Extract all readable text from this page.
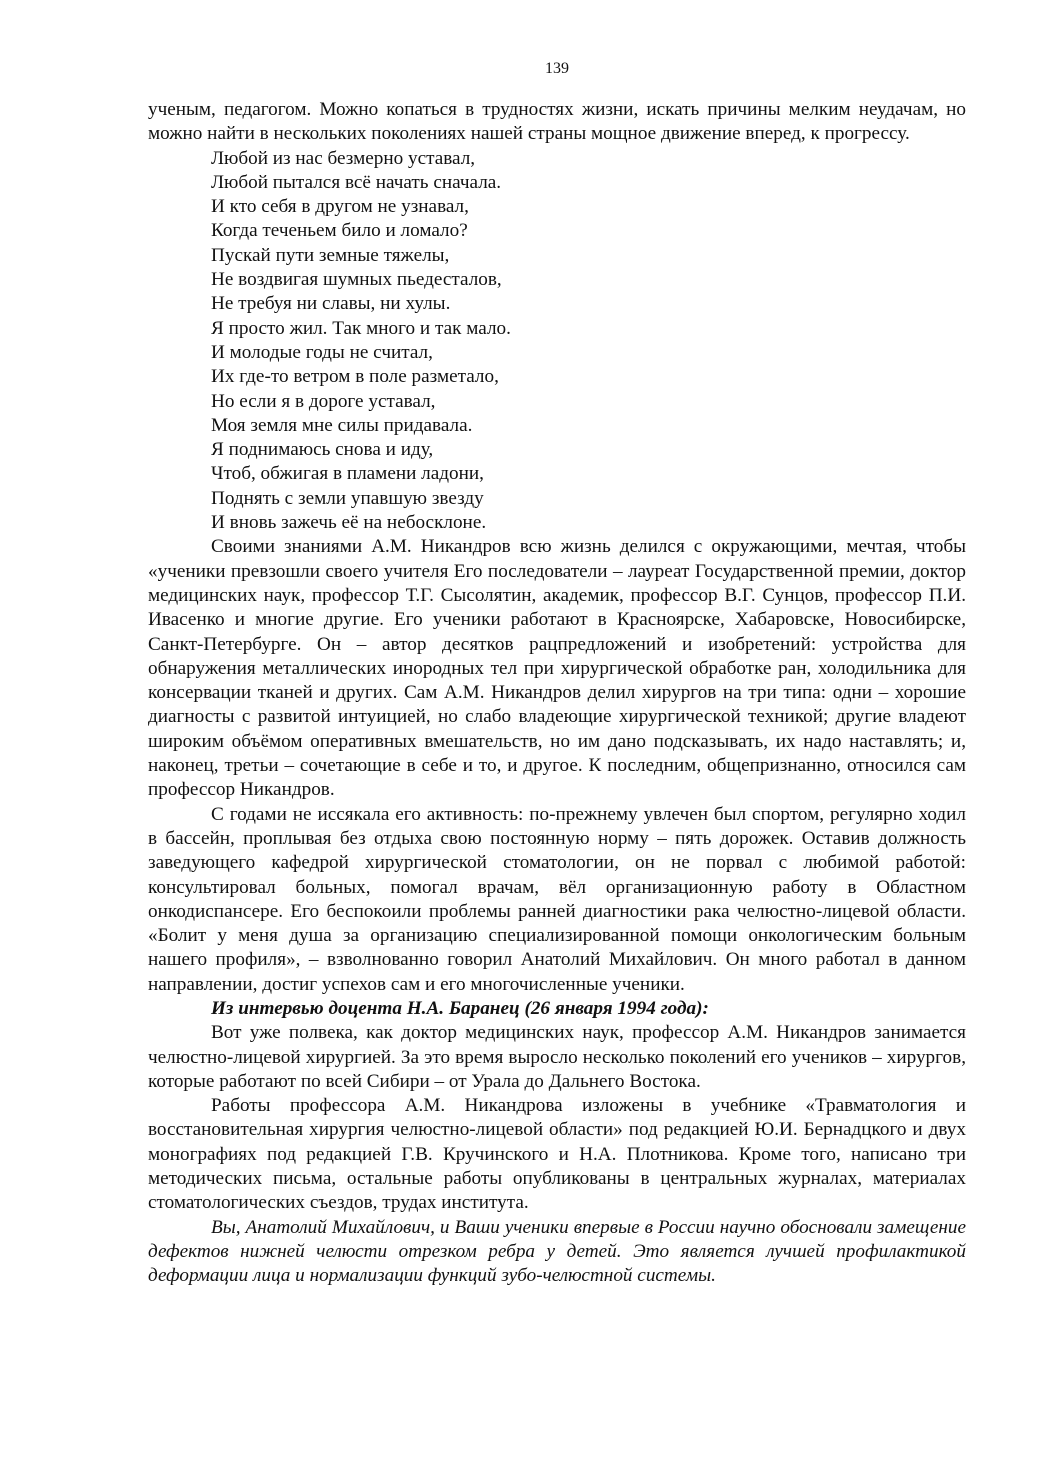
139

ученым, педагогом. Можно копаться в трудностях жизни, искать причины мелким неудачам, но можно найти в нескольких поколениях нашей страны мощное движение вперед, к прогрессу.

Любой из нас безмерно уставал,
Любой пытался всё начать сначала.
И кто себя в другом не узнавал,
Когда теченьем било и ломало?
Пускай пути земные тяжелы,
Не воздвигая шумных пьедесталов,
Не требуя ни славы, ни хулы.
Я просто жил. Так много и так мало.
И молодые годы не считал,
Их где-то ветром в поле разметало,
Но если я в дороге уставал,
Моя земля мне силы придавала.
Я поднимаюсь снова и иду,
Чтоб, обжигая в пламени ладони,
Поднять с земли упавшую звезду
И вновь зажечь её на небосклоне.

Своими знаниями А.М. Никандров всю жизнь делился с окружающими, мечтая, чтобы «ученики превзошли своего учителя Его последователи – лауреат Государственной премии, доктор медицинских наук, профессор Т.Г. Сысолятин, академик, профессор В.Г. Сунцов, профессор П.И. Ивасенко и многие другие. Его ученики работают в Красноярске, Хабаровске, Новосибирске, Санкт-Петербурге. Он – автор десятков рацпредложений и изобретений: устройства для обнаружения металлических инородных тел при хирургической обработке ран, холодильника для консервации тканей и других. Сам А.М. Никандров делил хирургов на три типа: одни – хорошие диагносты с развитой интуицией, но слабо владеющие хирургической техникой; другие владеют широким объёмом оперативных вмешательств, но им дано подсказывать, их надо наставлять; и, наконец, третьи – сочетающие в себе и то, и другое. К последним, общепризнанно, относился сам профессор Никандров.

С годами не иссякала его активность: по-прежнему увлечен был спортом, регулярно ходил в бассейн, проплывая без отдыха свою постоянную норму – пять дорожек. Оставив должность заведующего кафедрой хирургической стоматологии, он не порвал с любимой работой: консультировал больных, помогал врачам, вёл организационную работу в Областном онкодиспансере. Его беспокоили проблемы ранней диагностики рака челюстно-лицевой области. «Болит у меня душа за организацию специализированной помощи онкологическим больным нашего профиля», – взволнованно говорил Анатолий Михайлович. Он много работал в данном направлении, достиг успехов сам и его многочисленные ученики.

Из интервью доцента Н.А. Баранец (26 января 1994 года):

Вот уже полвека, как доктор медицинских наук, профессор А.М. Никандров занимается челюстно-лицевой хирургией. За это время выросло несколько поколений его учеников – хирургов, которые работают по всей Сибири – от Урала до Дальнего Востока.

Работы профессора А.М. Никандрова изложены в учебнике «Травматология и восстановительная хирургия челюстно-лицевой области» под редакцией Ю.И. Бернадцкого и двух монографиях под редакцией Г.В. Кручинского и Н.А. Плотникова. Кроме того, написано три методических письма, остальные работы опубликованы в центральных журналах, материалах стоматологических съездов, трудах института.

Вы, Анатолий Михайлович, и Ваши ученики впервые в России научно обосновали замещение дефектов нижней челюсти отрезком ребра у детей. Это является лучшей профилактикой деформации лица и нормализации функций зубо-челюстной системы.
